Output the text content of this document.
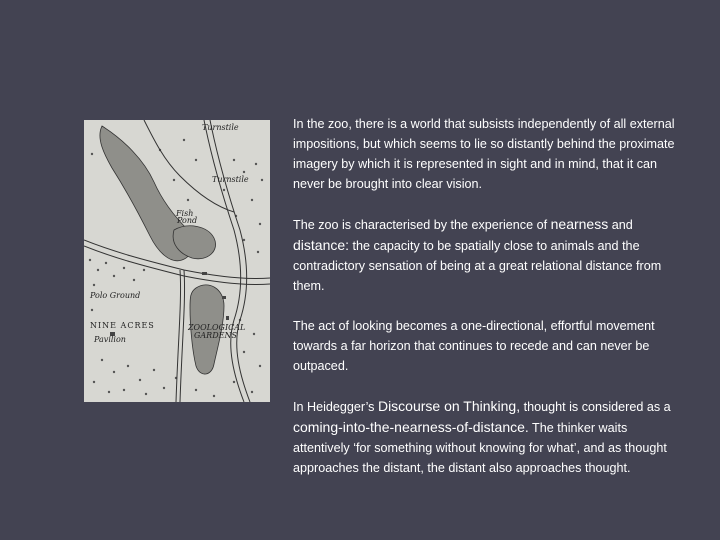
Turnstile
Turnstile
Fish
Pond
Polo Ground
Pavilion
NINE ACRES	ZOOLOGICAL
GARDENS

In the zoo, there is a world that subsists independently of all external impositions, but which seems to lie so distantly behind the proximate imagery by which it is represented in sight and in mind, that it can never be brought into clear vision.

The zoo is characterised by the experience of nearness and distance: the capacity to be spatially close to animals and the contradictory sensation of being at a great relational distance from them.

The act of looking becomes a one-directional, effortful movement towards a far horizon that continues to recede and can never be outpaced.

In Heidegger’s Discourse on Thinking, thought is considered as a coming-into-the-nearness-of-distance. The thinker waits attentively ‘for something without knowing for what’, and as thought approaches the distant, the distant also approaches thought.
